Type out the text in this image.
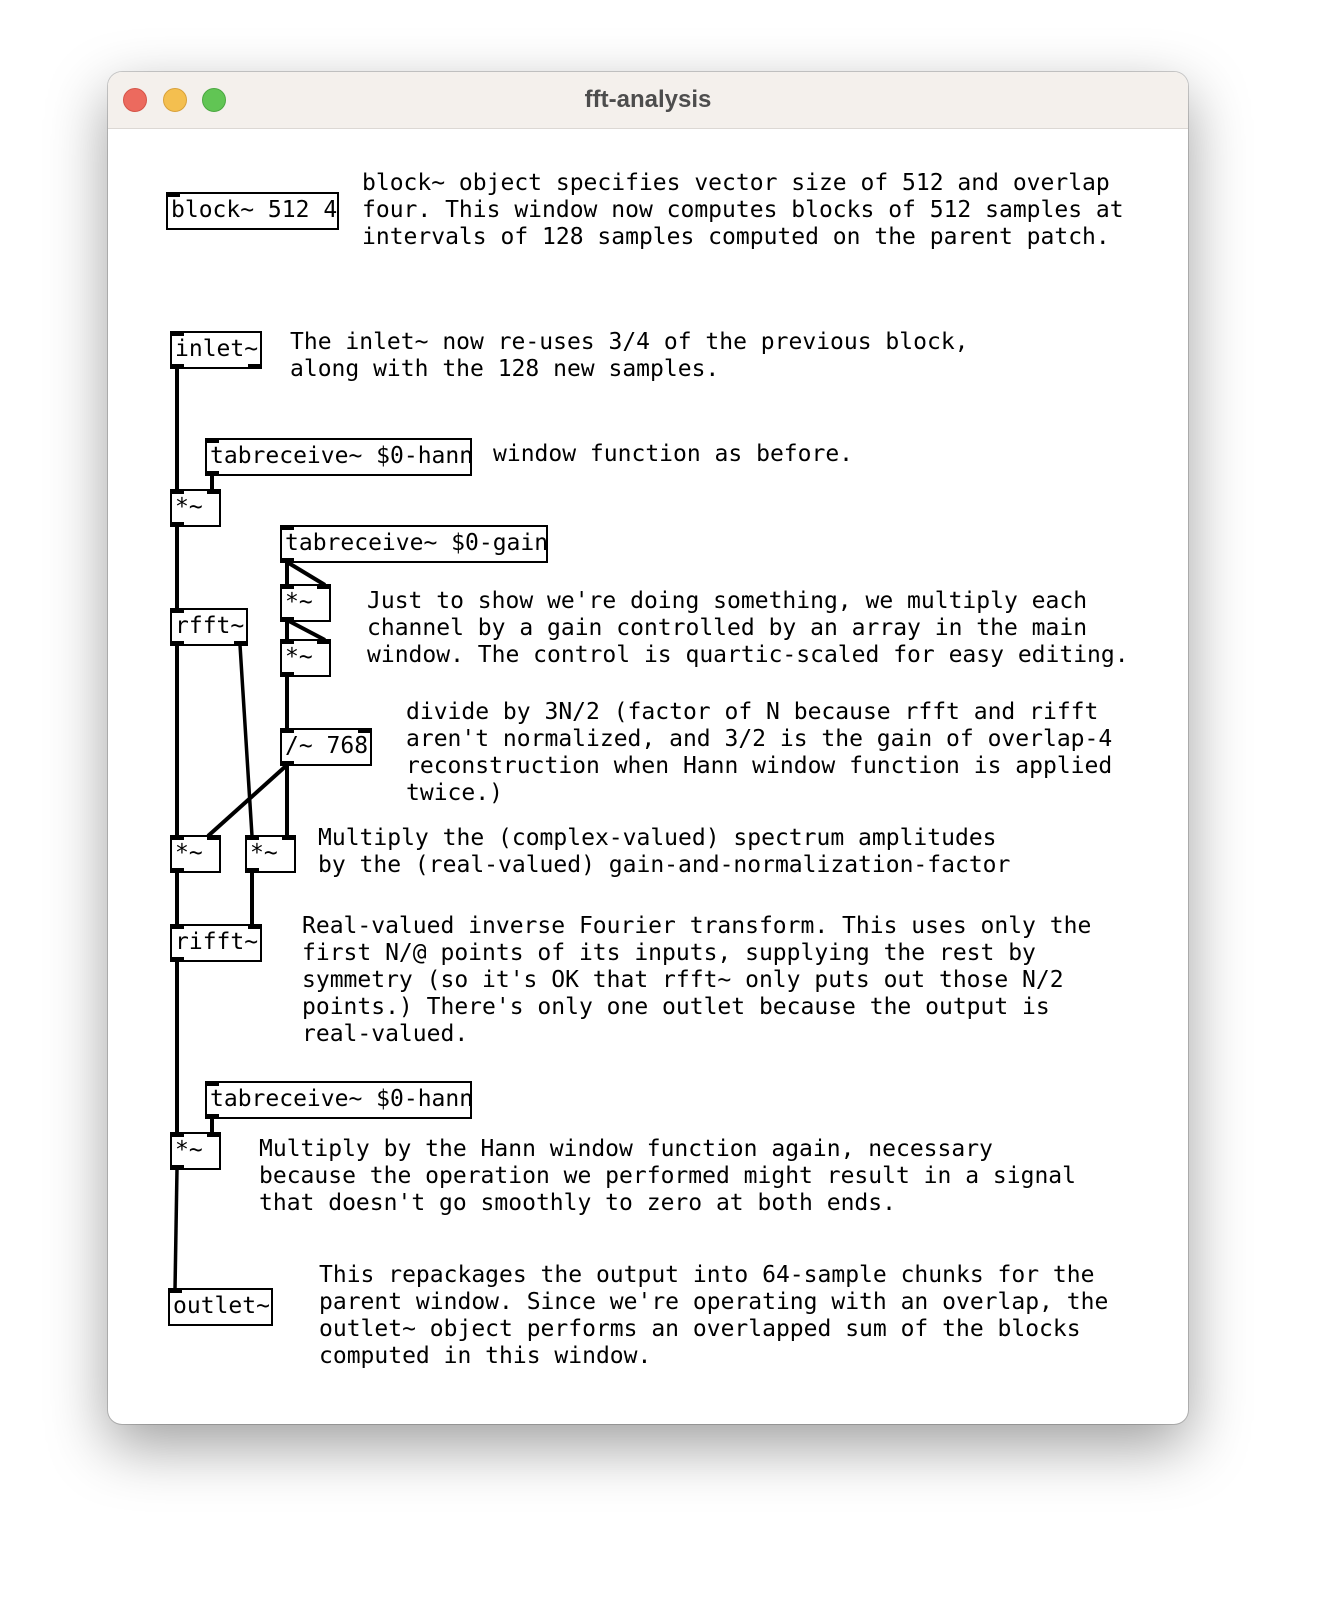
fft-analysis
block~ 512 4
inlet~
tabreceive~ $0-hann
*~
tabreceive~ $0-gain
*~
*~
rfft~
/~ 768
*~	*~
rifft~
tabreceive~ $0-hann
*~
outlet~
block~ object specifies vector size of 512 and overlap
four. This window now computes blocks of 512 samples at
intervals of 128 samples computed on the parent patch.
The inlet~ now re-uses 3/4 of the previous block,
along with the 128 new samples.
window function as before.
Just to show we're doing something, we multiply each
channel by a gain controlled by an array in the main
window. The control is quartic-scaled for easy editing.
divide by 3N/2 (factor of N because rfft and rifft
aren't normalized, and 3/2 is the gain of overlap-4
reconstruction when Hann window function is applied
twice.)
Multiply the (complex-valued) spectrum amplitudes
by the (real-valued) gain-and-normalization-factor
Real-valued inverse Fourier transform. This uses only the
first N/@ points of its inputs, supplying the rest by
symmetry (so it's OK that rfft~ only puts out those N/2
points.) There's only one outlet because the output is
real-valued.
Multiply by the Hann window function again, necessary
because the operation we performed might result in a signal
that doesn't go smoothly to zero at both ends.
This repackages the output into 64-sample chunks for the
parent window. Since we're operating with an overlap, the
outlet~ object performs an overlapped sum of the blocks
computed in this window.
